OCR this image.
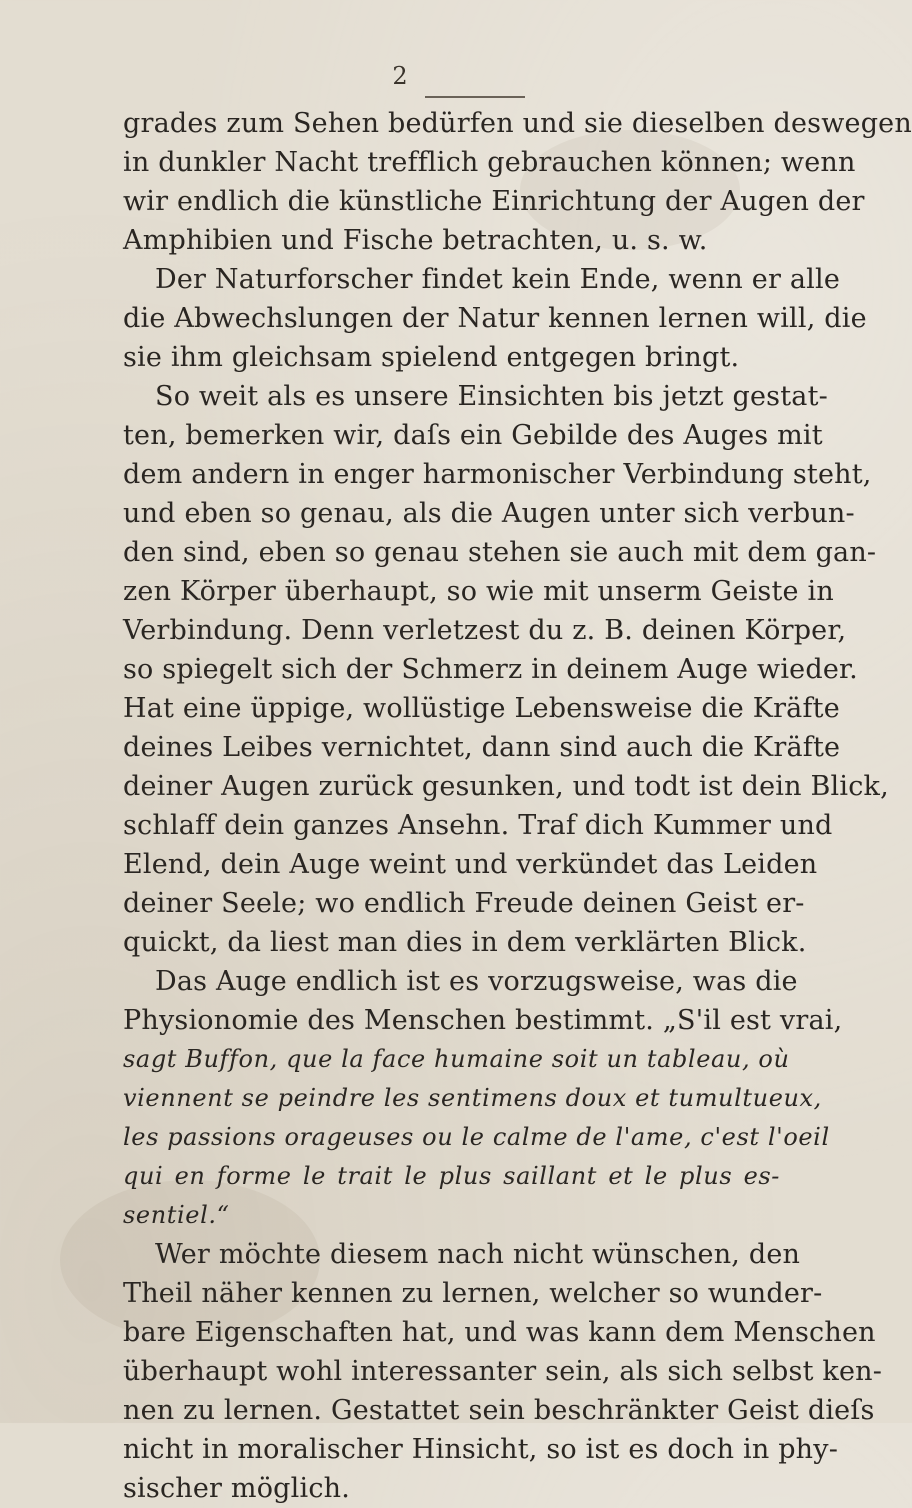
2
grades zum Sehen bedürfen und sie dieselben deswegen
in dunkler Nacht trefflich gebrauchen können; wenn
wir endlich die künstliche Einrichtung der Augen der
Amphibien und Fische betrachten, u. s. w.
Der Naturforscher findet kein Ende, wenn er alle
die Abwechslungen der Natur kennen lernen will, die
sie ihm gleichsam spielend entgegen bringt.
So weit als es unsere Einsichten bis jetzt gestat-
ten, bemerken wir, daſs ein Gebilde des Auges mit
dem andern in enger harmonischer Verbindung steht,
und eben so genau, als die Augen unter sich verbun-
den sind, eben so genau stehen sie auch mit dem gan-
zen Körper überhaupt, so wie mit unserm Geiste in
Verbindung. Denn verletzest du z. B. deinen Körper,
so spiegelt sich der Schmerz in deinem Auge wieder.
Hat eine üppige, wollüstige Lebensweise die Kräfte
deines Leibes vernichtet, dann sind auch die Kräfte
deiner Augen zurück gesunken, und todt ist dein Blick,
schlaff dein ganzes Ansehn. Traf dich Kummer und
Elend, dein Auge weint und verkündet das Leiden
deiner Seele; wo endlich Freude deinen Geist er-
quickt, da liest man dies in dem verklärten Blick.
Das Auge endlich ist es vorzugsweise, was die
Physionomie des Menschen bestimmt. „S'il est vrai,
sagt Buffon, que la face humaine soit un tableau, où
viennent se peindre les sentimens doux et tumultueux,
les passions orageuses ou le calme de l'ame, c'est l'oeil
qui en forme le trait le plus saillant et le plus es-
sentiel.“
Wer möchte diesem nach nicht wünschen, den
Theil näher kennen zu lernen, welcher so wunder-
bare Eigenschaften hat, und was kann dem Menschen
überhaupt wohl interessanter sein, als sich selbst ken-
nen zu lernen. Gestattet sein beschränkter Geist dieſs
nicht in moralischer Hinsicht, so ist es doch in phy-
sischer möglich.
